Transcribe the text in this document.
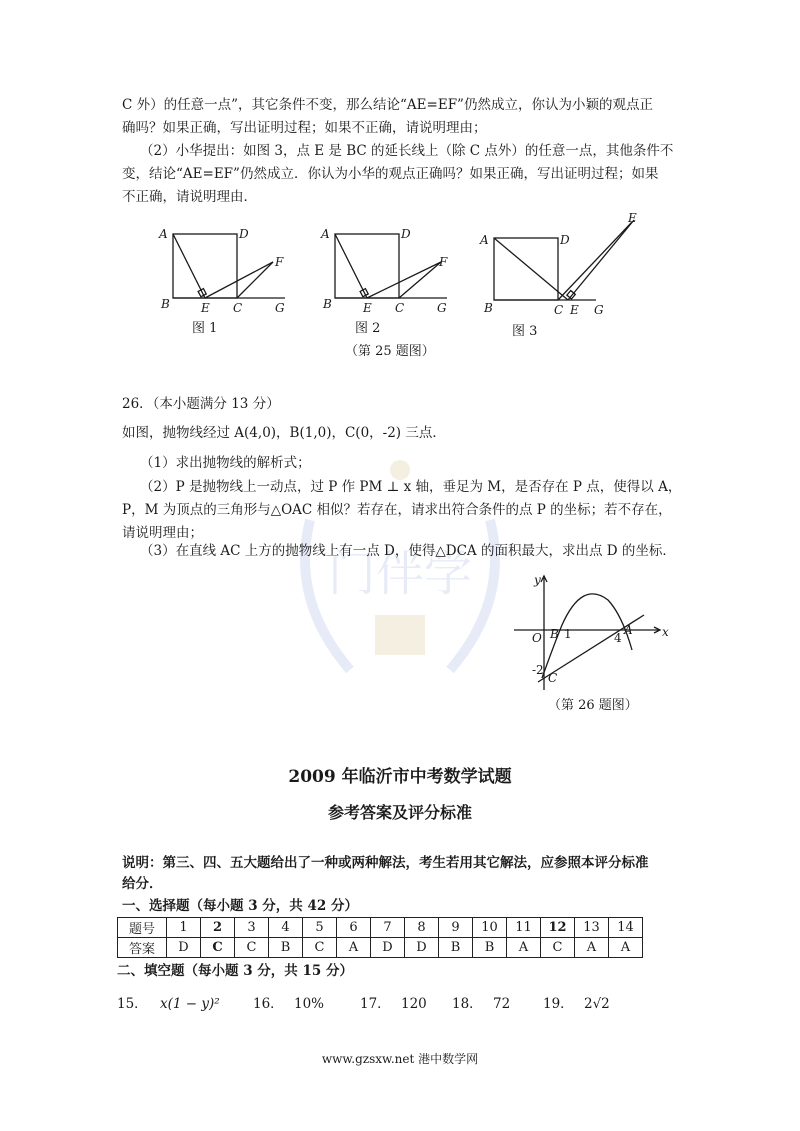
门伴学
C 外）的任意一点”，其它条件不变，那么结论“AE=EF”仍然成立，你认为小颖的观点正
确吗？如果正确，写出证明过程；如果不正确，请说明理由；
（2）小华提出：如图 3，点 E 是 BC 的延长线上（除 C 点外）的任意一点，其他条件不
变，结论“AE=EF”仍然成立．你认为小华的观点正确吗？如果正确，写出证明过程；如果
不正确，请说明理由．
A	D
B	E C	G
F
图 1
A	D
B	E C	G
F
图 2
A	D
B	E
C	G
E
图 3
（第 25 题图）
26．（本小题满分 13 分）
如图，抛物线经过 A(4,0)，B(1,0)，C(0，-2) 三点．
（1）求出抛物线的解析式；
（2）P 是抛物线上一动点，过 P 作 PM ⊥ x 轴，垂足为 M，是否存在 P 点，使得以 A，
P，M 为顶点的三角形与△OAC 相似？若存在，请求出符合条件的点 P 的坐标；若不存在，
请说明理由；
（3）在直线 AC 上方的抛物线上有一点 D，使得△DCA 的面积最大，求出点 D 的坐标．
y
x
O B 1	4
A
-2
C
（第 26 题图）
2009 年临沂市中考数学试题
参考答案及评分标准
说明：第三、四、五大题给出了一种或两种解法，考生若用其它解法，应参照本评分标准
给分．
一、选择题（每小题 3 分，共 42 分）
题号	1	2	3	4	5	6	7	8	9	10	11	12	13	14
答案	D	C	C	B	C	A	D	D	B	B	A	C	A	A
二、填空题（每小题 3 分，共 15 分）
15． x(1 − y)² 16． 10%	17． 120 18． 72 19． 2√2
www.gzsxw.net 港中数学网
